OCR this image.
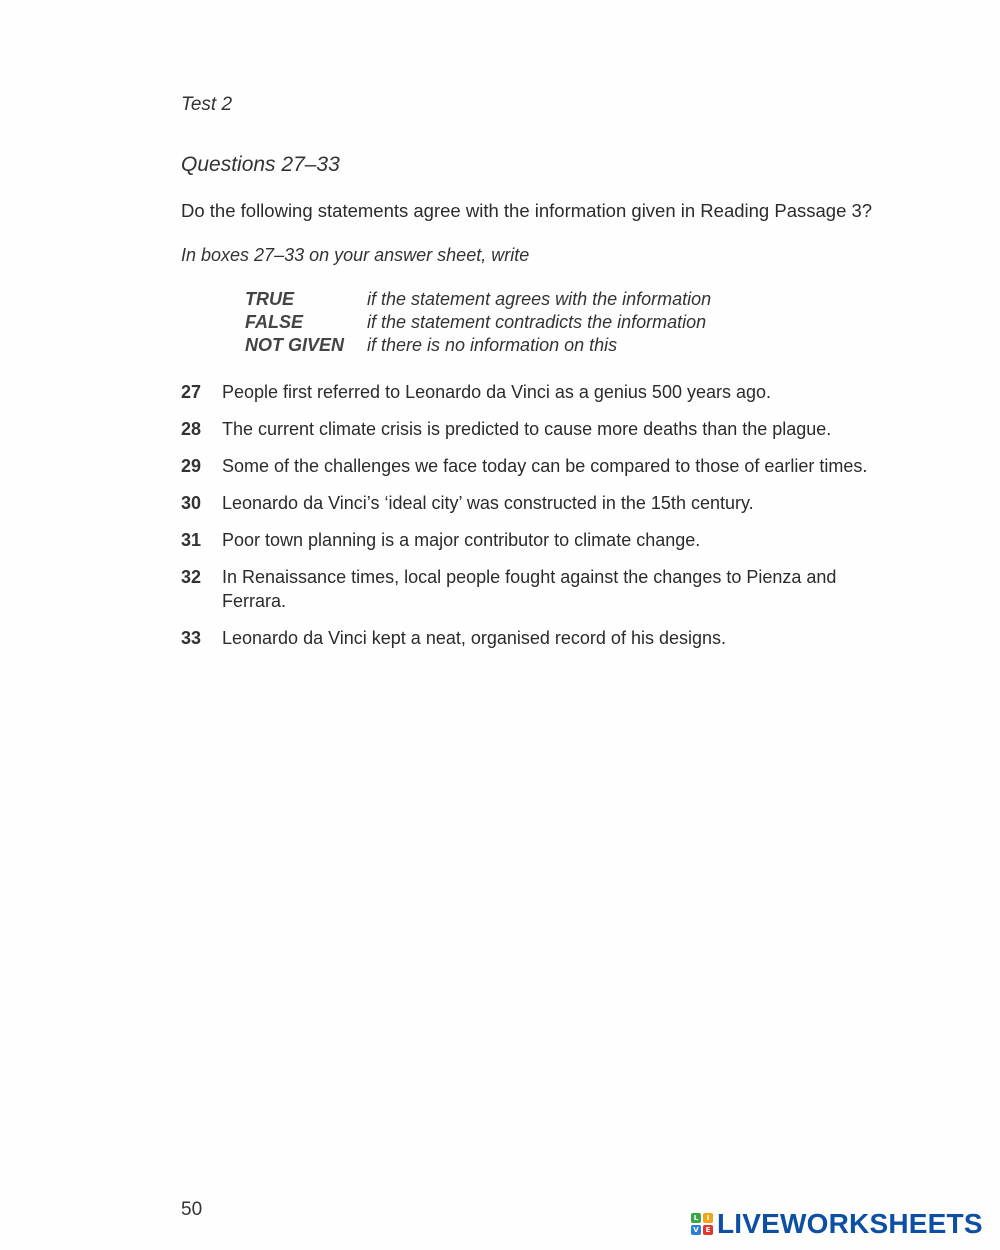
Test 2
Questions 27–33
Do the following statements agree with the information given in Reading Passage 3?
In boxes 27–33 on your answer sheet, write
TRUE	if the statement agrees with the information
FALSE	if the statement contradicts the information
NOT GIVEN	if there is no information on this
27	People first referred to Leonardo da Vinci as a genius 500 years ago.
28	The current climate crisis is predicted to cause more deaths than the plague.
29	Some of the challenges we face today can be compared to those of earlier times.
30	Leonardo da Vinci’s ‘ideal city’ was constructed in the 15th century.
31	Poor town planning is a major contributor to climate change.
32	In Renaissance times, local people fought against the changes to Pienza and Ferrara.
33	Leonardo da Vinci kept a neat, organised record of his designs.
50	L	I
V E LIVEWORKSHEETS
